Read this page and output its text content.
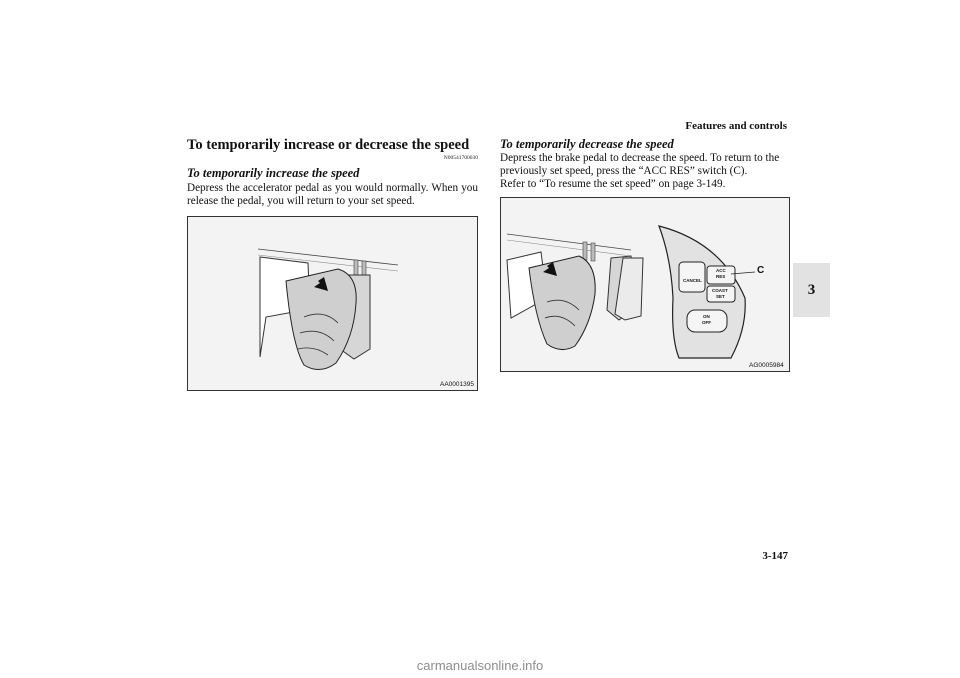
Features and controls
3
To temporarily increase or decrease the speed
N00541700030
To temporarily increase the speed
Depress the accelerator pedal as you would normally. When you release the pedal, you will return to your set speed.
AA0001395
To temporarily decrease the speed
Depress the brake pedal to decrease the speed. To return to the
previously set speed, press the “ACC RES” switch (C).
Refer to “To resume the set speed” on page 3-149.
CANCEL
ACC
RES
COAST
SET
ON
OFF
C
AG0005984
3-147
carmanualsonline.info
